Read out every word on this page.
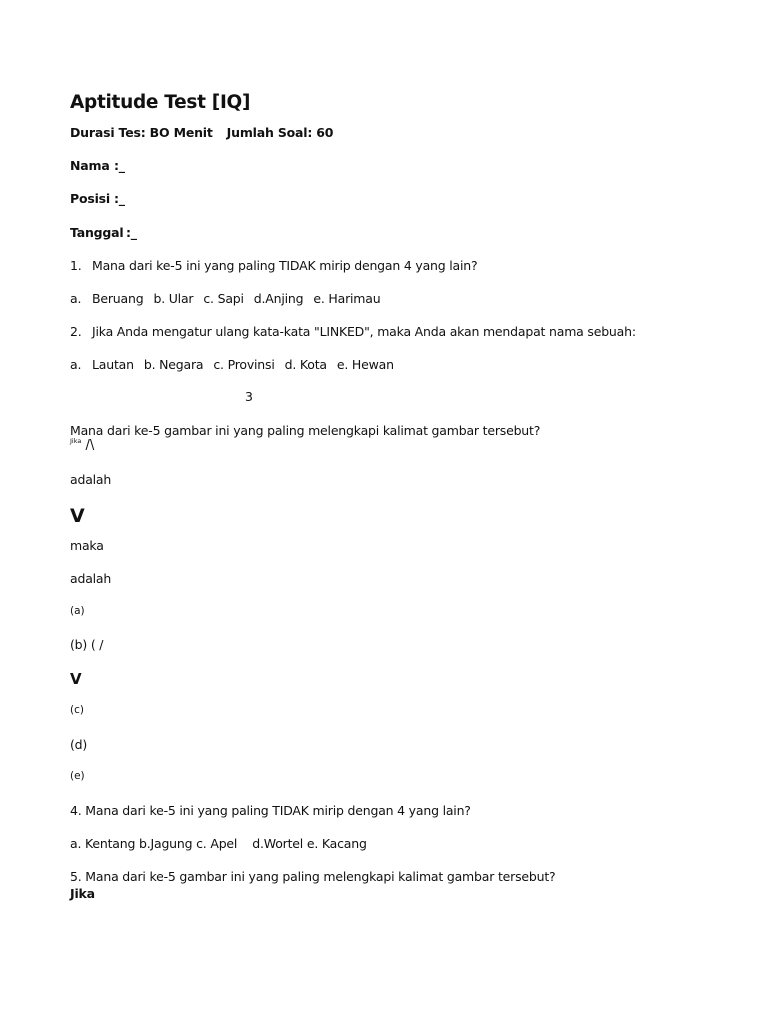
Aptitude Test [IQ]

Durasi Tes: BO Menit Jumlah Soal: 60

Nama :_

Posisi :_

Tanggal :_

1. Mana dari ke-5 ini yang paling TIDAK mirip dengan 4 yang lain?

a. Beruang b. Ular c. Sapi d.Anjing e. Harimau

2. Jika Anda mengatur ulang kata-kata "LINKED", maka Anda akan mendapat nama sebuah:

a. Lautan b. Negara c. Provinsi d. Kota e. Hewan

3

Mana dari ke-5 gambar ini yang paling melengkapi kalimat gambar tersebut?

$^{Jika}$ /\

adalah

V

maka

adalah

(a)

(b) ( /

V

(c)

(d)

(e)

4. Mana dari ke-5 ini yang paling TIDAK mirip dengan 4 yang lain?

a. Kentang b.Jagung c. Apel    d.Wortel e. Kacang

5. Mana dari ke-5 gambar ini yang paling melengkapi kalimat gambar tersebut?

Jika
